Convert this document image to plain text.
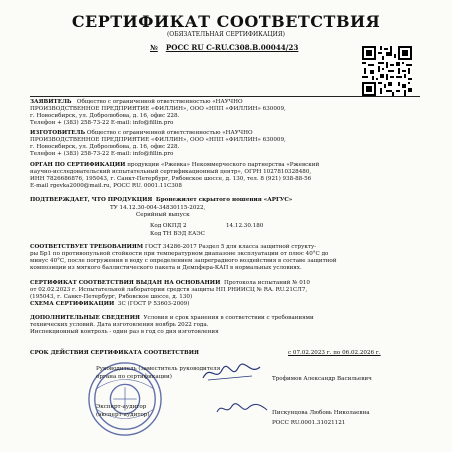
СЕРТИФИКАТ СООТВЕТСТВИЯ
(ОБЯЗАТЕЛЬНАЯ СЕРТИФИКАЦИЯ)
№ РОСС RU C-RU.C308.B.00044/23
ЗАЯВИТЕЛЬ Общество с ограниченной ответственностью «НАУЧНО
ПРОИЗВОДСТВЕННОЕ ПРЕДПРИЯТИЕ «ФИЛЛИН», ООО «НПП «ФИЛЛИН» 630009,
г. Новосибирск, ул. Добролюбова, д. 16, офис 228.
Телефон + (383) 258-73-22 E-mail: info@fillin.pro
ИЗГОТОВИТЕЛЬ Общество с ограниченной ответственностью «НАУЧНО
ПРОИЗВОДСТВЕННОЕ ПРЕДПРИЯТИЕ «ФИЛЛИН», ООО «НПП «ФИЛЛИН» 630009,
г. Новосибирск, ул. Добролюбова, д. 16, офис 228.
Телефон + (383) 258-73-22 E-mail: info@fillin.pro
ОРГАН ПО СЕРТИФИКАЦИИ продукции «Ржевка» Некоммерческого партнерства «Ржевский
научно-исследовательский испытательный сертификационный центр», ОГРН 1027810328480,
ИНН 7826686876, 195043, г. Санкт-Петербург, Рябовское шоссе, д. 130, тел. 8 (921) 938-88-56
E-mail rgevka2000@mail.ru, РОСС RU. 0001.11C308
ПОДТВЕРЖДАЕТ, ЧТО ПРОДУКЦИЯ Бронежилет скрытого ношения «АРГУС»
ТУ 14.12.30-004-34830115-2022,
Серийный выпуск
Код ОКПД 2	14.12.30.180
Код ТН ВЭД ЕАЭС
СООТВЕТСТВУЕТ ТРЕБОВАНИЯМ ГОСТ 34286-2017 Раздел 5 для класса защитной структу-
ры Бр1 по противопульной стойкости при температурном диапазоне эксплуатации от плюс 40°С до
минус 40°С, после погружения в воду с определением запреградного воздействия в составе защитной
композиции из мягкого баллистического пакета и Демпфера-КАП в нормальных условиях.
СЕРТИФИКАТ СООТВЕТСТВИЯ ВЫДАН НА ОСНОВАНИИ Протокола испытаний № 010
от 02.02.2023 г. Испытательной лаборатории средств защиты НП РНИИСЦ № RA. RU.21СЛ7,
(195043, г. Санкт-Петербург, Рябовское шоссе, д. 130)
СХЕМА СЕРТИФИКАЦИИ 3С (ГОСТ Р 53603-2009)
ДОПОЛНИТЕЛЬНЫЕ СВЕДЕНИЯ Условия и срок хранения в соответствии с требованиями
технических условий. Дата изготовления ноябрь 2022 года.
Инспекционный контроль - один раз в год со дня изготовления
СРОК ДЕЙСТВИЯ СЕРТИФИКАТА СООТВЕТСТВИЯ	с 07.02.2023 г. по 06.02.2026 г.
Руководитель (заместитель руководителя
органа по сертификации)	Трофимов Александр Васильевич
Эксперт-аудитор
(эксперт-аудитор)	Пискунцова Любовь Николаевна
РОСС RU.0001.31021121
